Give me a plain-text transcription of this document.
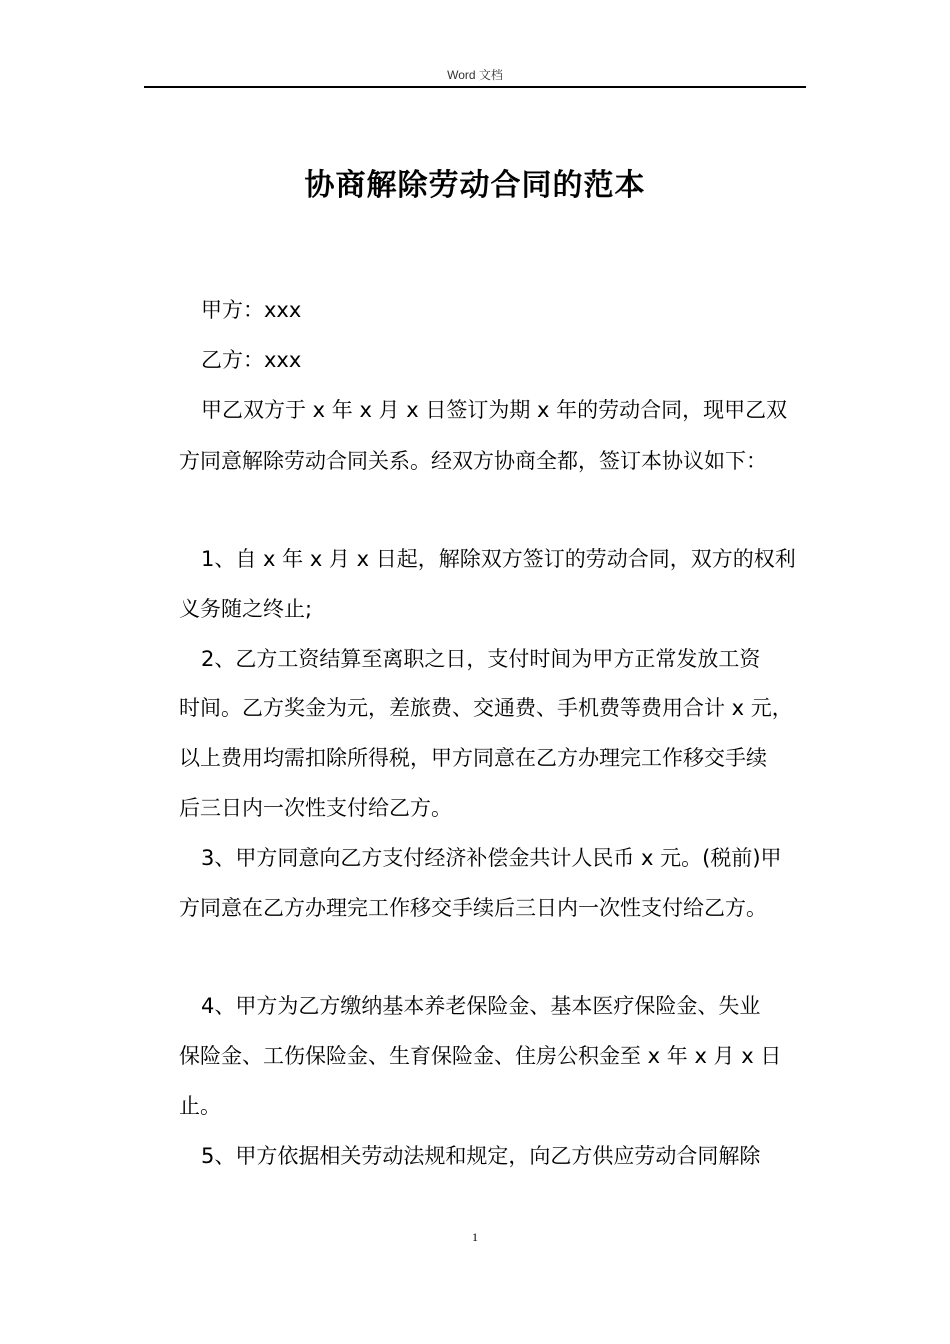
Word 文档
协商解除劳动合同的范本
甲方：xxx
乙方：xxx
甲乙双方于 x 年 x 月 x 日签订为期 x 年的劳动合同，现甲乙双
方同意解除劳动合同关系。经双方协商全都，签订本协议如下：
1、自 x 年 x 月 x 日起，解除双方签订的劳动合同，双方的权利
义务随之终止;
2、乙方工资结算至离职之日，支付时间为甲方正常发放工资
时间。乙方奖金为元，差旅费、交通费、手机费等费用合计 x 元，
以上费用均需扣除所得税，甲方同意在乙方办理完工作移交手续
后三日内一次性支付给乙方。
3、甲方同意向乙方支付经济补偿金共计人民币 x 元。(税前)甲
方同意在乙方办理完工作移交手续后三日内一次性支付给乙方。
4、甲方为乙方缴纳基本养老保险金、基本医疗保险金、失业
保险金、工伤保险金、生育保险金、住房公积金至 x 年 x 月 x 日
止。
5、甲方依据相关劳动法规和规定，向乙方供应劳动合同解除
1
